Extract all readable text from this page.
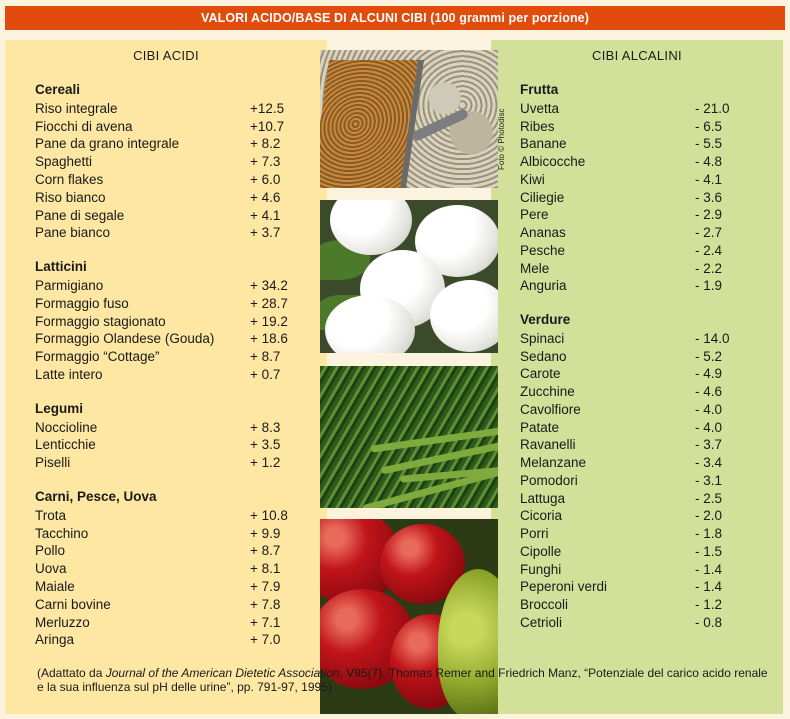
VALORI ACIDO/BASE DI ALCUNI CIBI (100 grammi per porzione)
CIBI ACIDI
Cereali
Riso integrale	+12.5
Fiocchi di avena	+10.7
Pane da grano integrale	+ 8.2
Spaghetti	+ 7.3
Corn flakes	+ 6.0
Riso bianco	+ 4.6
Pane di segale	+ 4.1
Pane bianco	+ 3.7
Latticini
Parmigiano	+ 34.2
Formaggio fuso	+ 28.7
Formaggio stagionato	+ 19.2
Formaggio Olandese (Gouda)	+ 18.6
Formaggio “Cottage”	+ 8.7
Latte intero	+ 0.7
Legumi
Noccioline	+ 8.3
Lenticchie	+ 3.5
Piselli	+ 1.2
Carni, Pesce, Uova
Trota	+ 10.8
Tacchino	+ 9.9
Pollo	+ 8.7
Uova	+ 8.1
Maiale	+ 7.9
Carni bovine	+ 7.8
Merluzzo	+ 7.1
Aringa	+ 7.0
CIBI ALCALINI
Frutta
Uvetta	- 21.0
Ribes	- 6.5
Banane	- 5.5
Albicocche	- 4.8
Kiwi	- 4.1
Ciliegie	- 3.6
Pere	- 2.9
Ananas	- 2.7
Pesche	- 2.4
Mele	- 2.2
Anguria	- 1.9
Verdure
Spinaci	- 14.0
Sedano	- 5.2
Carote	- 4.9
Zucchine	- 4.6
Cavolfiore	- 4.0
Patate	- 4.0
Ravanelli	- 3.7
Melanzane	- 3.4
Pomodori	- 3.1
Lattuga	- 2.5
Cicoria	- 2.0
Porri	- 1.8
Cipolle	- 1.5
Funghi	- 1.4
Peperoni verdi	- 1.4
Broccoli	- 1.2
Cetrioli	- 0.8
Foto © Photodisc
(Adattato da Journal of the American Dietetic Association, V95(7), Thomas Remer and Friedrich Manz, “Potenziale del carico acido renale e la sua influenza sul pH delle urine”, pp. 791-97, 1995)
